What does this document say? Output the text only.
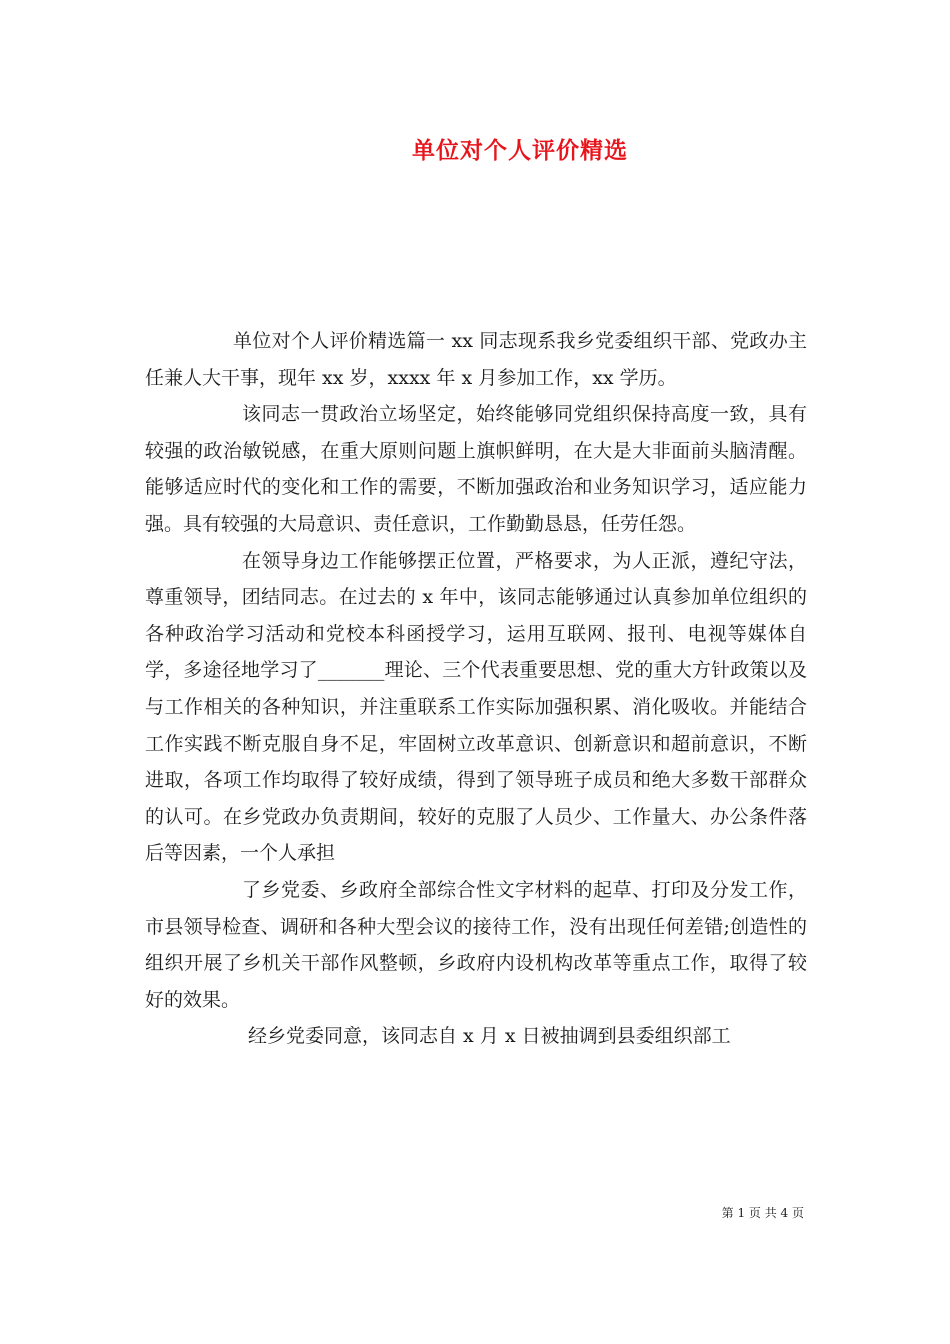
单位对个人评价精选

单位对个人评价精选篇一 xx 同志现系我乡党委组织干部、党政办主任兼人大干事，现年 xx 岁，xxxx 年 x 月参加工作，xx 学历。

该同志一贯政治立场坚定，始终能够同党组织保持高度一致，具有较强的政治敏锐感，在重大原则问题上旗帜鲜明，在大是大非面前头脑清醒。能够适应时代的变化和工作的需要，不断加强政治和业务知识学习，适应能力强。具有较强的大局意识、责任意识，工作勤勤恳恳，任劳任怨。

在领导身边工作能够摆正位置，严格要求，为人正派，遵纪守法，尊重领导，团结同志。在过去的 x 年中，该同志能够通过认真参加单位组织的各种政治学习活动和党校本科函授学习，运用互联网、报刊、电视等媒体自学，多途径地学习了_______理论、三个代表重要思想、党的重大方针政策以及与工作相关的各种知识，并注重联系工作实际加强积累、消化吸收。并能结合工作实践不断克服自身不足，牢固树立改革意识、创新意识和超前意识，不断进取，各项工作均取得了较好成绩，得到了领导班子成员和绝大多数干部群众的认可。在乡党政办负责期间，较好的克服了人员少、工作量大、办公条件落后等因素，一个人承担

了乡党委、乡政府全部综合性文字材料的起草、打印及分发工作，市县领导检查、调研和各种大型会议的接待工作，没有出现任何差错;创造性的组织开展了乡机关干部作风整顿，乡政府内设机构改革等重点工作，取得了较好的效果。

经乡党委同意，该同志自 x 月 x 日被抽调到县委组织部工

第 1 页 共 4 页
